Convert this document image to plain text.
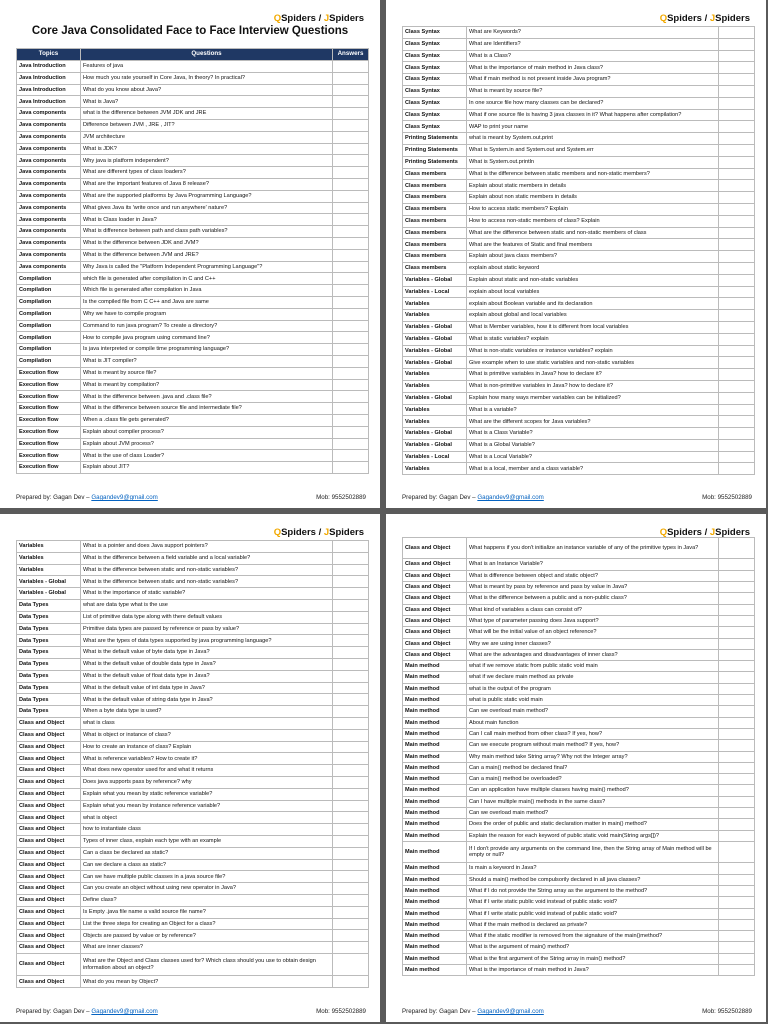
QSpiders / JSpiders
Core Java Consolidated Face to Face Interview Questions
Topics	Questions	Answers
Java Introduction	Features of java	
Java Introduction	How much you rate yourself in Core Java, In theory? In practical?	
Java Introduction	What do you know about Java?	
Java Introduction	What is Java?	
Java components	what is the difference between JVM JDK and JRE	
Java components	Difference between JVM , JRE , JIT?	
Java components	JVM architecture	
Java components	What is JDK?	
Java components	Why java is platform independent?	
Java components	What are different types of class loaders?	
Java components	What are the important features of Java 8 release?	
Java components	What are the supported platforms by Java Programming Language?	
Java components	What gives Java its 'write once and run anywhere' nature?	
Java components	What is Class loader in Java?	
Java components	What is difference between path and class path variables?	
Java components	What is the difference between JDK and JVM?	
Java components	What is the difference between JVM and JRE?	
Java components	Why Java is called the "Platform Independent Programming Language"?	
Compilation	which file is generated after compilation in C and C++	
Compilation	Which file is generated after compilation in Java	
Compilation	Is the compiled file from C C++ and Java are same	
Compilation	Why we have to compile program	
Compilation	Command to run java program? To create a directory?	
Compilation	How to compile java program using command line?	
Compilation	Is java interpreted or compile time programming language?	
Compilation	What is JIT compiler?	
Execution flow	What is meant by source file?	
Execution flow	What is meant by compilation?	
Execution flow	What is the difference between .java and .class file?	
Execution flow	What is the difference between source file and intermediate file?	
Execution flow	When a .class file gets generated?	
Execution flow	Explain about compiler process?	
Execution flow	Explain about JVM process?	
Execution flow	What is the use of class Loader?	
Execution flow	Explain about JIT?	
Prepared by: Gagan Dev – Gagandev9@gmail.com	Mob: 9552502889
QSpiders / JSpiders
Class Syntax	What are Keywords?	
Class Syntax	What are Identifiers?	
Class Syntax	What is a Class?	
Class Syntax	What is the importance of main method in Java class?	
Class Syntax	What if main method is not present inside Java program?	
Class Syntax	What is meant by source file?	
Class Syntax	In one source file how many classes can be declared?	
Class Syntax	What if one source file is having 3 java classes in it? What happens after compilation?	
Class Syntax	WAP to print your name	
Printing Statements	what is meant by System.out.print	
Printing Statements	What is System.in and System.out and System.err	
Printing Statements	What is System.out.println	
Class members	What is the difference between static members and non-static members?	
Class members	Explain about static members in details	
Class members	Explain about non static members in details	
Class members	How to access static members? Explain	
Class members	How to access non-static members of class? Explain	
Class members	What are the difference between static and non-static members of class	
Class members	What are the features of Static and final members	
Class members	Explain about java class members?	
Class members	explain about static keyword	
Variables - Global	Explain about static and non-static variables	
Variables - Local	explain about local variables	
Variables	explain about Boolean variable and its declaration	
Variables	explain about global and local variables	
Variables - Global	What is Member variables, how it is different from local variables	
Variables - Global	What is static variables? explain	
Variables - Global	What is non-static variables or instance variables? explain	
Variables - Global	Give example when to use static variables and non-static variables	
Variables	What is primitive variables in Java? how to declare it?	
Variables	What is non-primitive variables in Java? how to declare it?	
Variables - Global	Explain how many ways member variables can be initialized?	
Variables	What is a variable?	
Variables	What are the different scopes for Java variables?	
Variables - Global	What is a Class Variable?	
Variables - Global	What is a Global Variable?	
Variables - Local	What is a Local Variable?	
Variables	What is a local, member and a class variable?	
Prepared by: Gagan Dev – Gagandev9@gmail.com	Mob: 9552502889
QSpiders / JSpiders
Variables	What is a pointer and does Java support pointers?	
Variables	What is the difference between a field variable and a local variable?	
Variables	What is the difference between static and non-static variables?	
Variables - Global	What is the difference between static and non-static variables?	
Variables - Global	What is the importance of static variable?	
Data Types	what are data type what is the use	
Data Types	List of primitive data type along with there default values	
Data Types	Primitive data types are passed by reference or pass by value?	
Data Types	What are the types of data types supported by java programming language?	
Data Types	What is the default value of byte data type in Java?	
Data Types	What is the default value of double data type in Java?	
Data Types	What is the default value of float data type in Java?	
Data Types	What is the default value of int data type in Java?	
Data Types	What is the default value of string data type in Java?	
Data Types	When a byte data type is used?	
Class and Object	what is class	
Class and Object	What is object or instance of class?	
Class and Object	How to create an instance of class? Explain	
Class and Object	What is reference variables? How to create it?	
Class and Object	What does new operator used for and what it returns	
Class and Object	Does java supports pass by reference? why	
Class and Object	Explain what you mean by static reference variable?	
Class and Object	Explain what you mean by instance reference variable?	
Class and Object	what is object	
Class and Object	how to instantiate class	
Class and Object	Types of inner class, explain each type with an example	
Class and Object	Can a class be declared as static?	
Class and Object	Can we declare a class as static?	
Class and Object	Can we have multiple public classes in a java source file?	
Class and Object	Can you create an object without using new operator in Java?	
Class and Object	Define class?	
Class and Object	Is Empty .java file name a valid source file name?	
Class and Object	List the three steps for creating an Object for a class?	
Class and Object	Objects are passed by value or by reference?	
Class and Object	What are inner classes?	
Class and Object	What are the Object and Class classes used for? Which class should you use to obtain design information about an object?	
Class and Object	What do you mean by Object?	
Prepared by: Gagan Dev – Gagandev9@gmail.com	Mob: 9552502889
QSpiders / JSpiders
Class and Object	What happens if you don't initialize an instance variable of any of the primitive types in Java?	
Class and Object	What is an Instance Variable?	
Class and Object	What is difference between object and static object?	
Class and Object	What is meant by pass by reference and pass by value in Java?	
Class and Object	What is the difference between a public and a non-public class?	
Class and Object	What kind of variables a class can consist of?	
Class and Object	What type of parameter passing does Java support?	
Class and Object	What will be the initial value of an object reference?	
Class and Object	Why we are using inner classes?	
Class and Object	What are the advantages and disadvantages of inner class?	
Main method	what if we remove static from public static void main	
Main method	what if we declare main method as private	
Main method	what is the output of the program	
Main method	what is public static void main	
Main method	Can we overload main method?	
Main method	About main function	
Main method	Can I call main method from other class? If yes, how?	
Main method	Can we execute program without main method? If yes, how?	
Main method	Why main method take String array? Why not the Integer array?	
Main method	Can a main() method be declared final?	
Main method	Can a main() method be overloaded?	
Main method	Can an application have multiple classes having main() method?	
Main method	Can I have multiple main() methods in the same class?	
Main method	Can we overload main method?	
Main method	Does the order of public and static declaration matter in main() method?	
Main method	Explain the reason for each keyword of public static void main(String args[])?	
Main method	If I don't provide any arguments on the command line, then the String array of Main method will be empty or null?	
Main method	Is main a keyword in Java?	
Main method	Should a main() method be compulsorily declared in all java classes?	
Main method	What if I do not provide the String array as the argument to the method?	
Main method	What if I write static public void instead of public static void?	
Main method	What if I write static public void instead of public static void?	
Main method	What if the main method is declared as private?	
Main method	What if the static modifier is removed from the signature of the main()method?	
Main method	What is the argument of main() method?	
Main method	What is the first argument of the String array in main() method?	
Main method	What is the importance of main method in Java?	
Prepared by: Gagan Dev – Gagandev9@gmail.com	Mob: 9552502889
